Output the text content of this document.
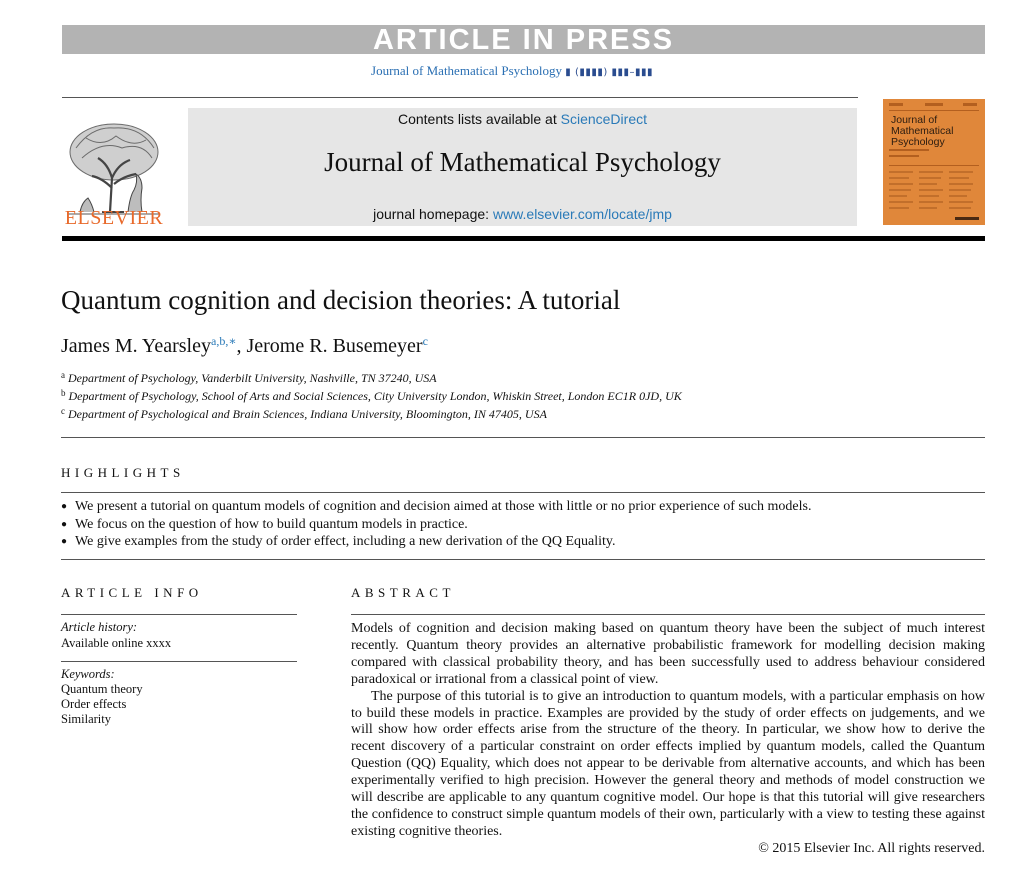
ARTICLE IN PRESS
Journal of Mathematical Psychology ▮ (▮▮▮▮) ▮▮▮–▮▮▮
ELSEVIER
Contents lists available at ScienceDirect
Journal of Mathematical Psychology
journal homepage: www.elsevier.com/locate/jmp
Journal of
Mathematical
Psychology
Quantum cognition and decision theories: A tutorial
James M. Yearsley$^{a,b,∗}$, Jerome R. Busemeyer$^c$
$^a$ Department of Psychology, Vanderbilt University, Nashville, TN 37240, USA
$^b$ Department of Psychology, School of Arts and Social Sciences, City University London, Whiskin Street, London EC1R 0JD, UK
$^c$ Department of Psychological and Brain Sciences, Indiana University, Bloomington, IN 47405, USA
HIGHLIGHTS
● We present a tutorial on quantum models of cognition and decision aimed at those with little or no prior experience of such models.
● We focus on the question of how to build quantum models in practice.
● We give examples from the study of order effect, including a new derivation of the QQ Equality.
ARTICLE INFO
Article history:
Available online xxxx
Keywords:
Quantum theory
Order effects
Similarity
ABSTRACT

Models of cognition and decision making based on quantum theory have been the subject of much interest recently. Quantum theory provides an alternative probabilistic framework for modelling decision making compared with classical probability theory, and has been successfully used to address behaviour considered paradoxical or irrational from a classical point of view.

The purpose of this tutorial is to give an introduction to quantum models, with a particular emphasis on how to build these models in practice. Examples are provided by the study of order effects on judgements, and we will show how order effects arise from the structure of the theory. In particular, we show how to derive the recent discovery of a particular constraint on order effects implied by quantum models, called the Quantum Question (QQ) Equality, which does not appear to be derivable from alternative accounts, and which has been experimentally verified to high precision. However the general theory and methods of model construction we will describe are applicable to any quantum cognitive model. Our hope is that this tutorial will give researchers the confidence to construct simple quantum models of their own, particularly with a view to testing these against existing cognitive theories.

© 2015 Elsevier Inc. All rights reserved.
